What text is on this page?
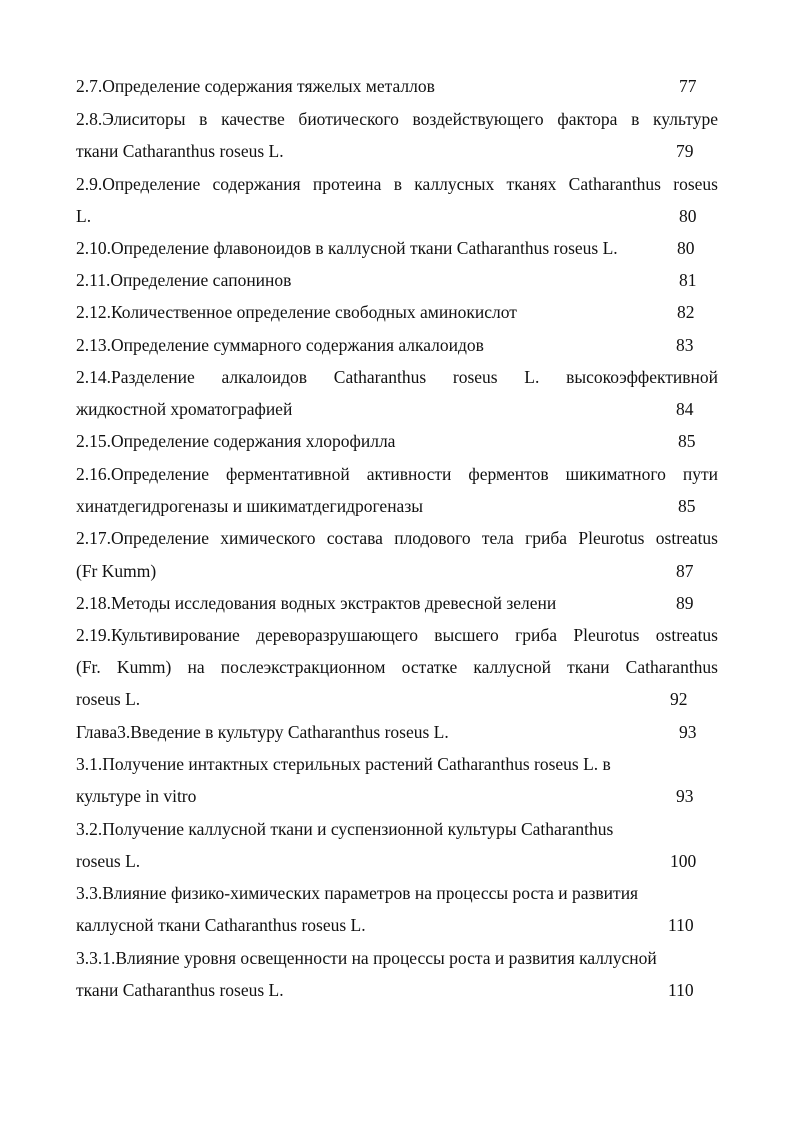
2.7.Определение содержания тяжелых металлов	77
2.8.Элиситоры в качестве биотического воздействующего фактора в культуре
ткани Catharanthus roseus L.	79
2.9.Определение содержания протеина в каллусных тканях Catharanthus roseus
L.	80
2.10.Определение флавоноидов в каллусной ткани Catharanthus roseus L.	80
2.11.Определение сапонинов	81
2.12.Количественное определение свободных аминокислот	82
2.13.Определение суммарного содержания алкалоидов	83
2.14.Разделение алкалоидов Catharanthus roseus L. высокоэффективной
жидкостной хроматографией	84
2.15.Определение содержания хлорофилла	85
2.16.Определение ферментативной активности ферментов шикиматного пути
хинатдегидрогеназы и шикиматдегидрогеназы	85
2.17.Определение химического состава плодового тела гриба Pleurotus ostreatus
(Fr Kumm)	87
2.18.Методы исследования водных экстрактов древесной зелени	89
2.19.Культивирование дереворазрушающего высшего гриба Pleurotus ostreatus
(Fr. Kumm) на послеэкстракционном остатке каллусной ткани Catharanthus
roseus L.	92
Глава3.Введение в культуру Catharanthus roseus L.	93
3.1.Получение интактных стерильных растений Catharanthus roseus L. в
культуре in vitro	93
3.2.Получение каллусной ткани и суспензионной культуры Catharanthus
roseus L.	100
3.3.Влияние физико-химических параметров на процессы роста и развития
каллусной ткани Catharanthus roseus L.	110
3.3.1.Влияние уровня освещенности на процессы роста и развития каллусной
ткани Catharanthus roseus L.	110
